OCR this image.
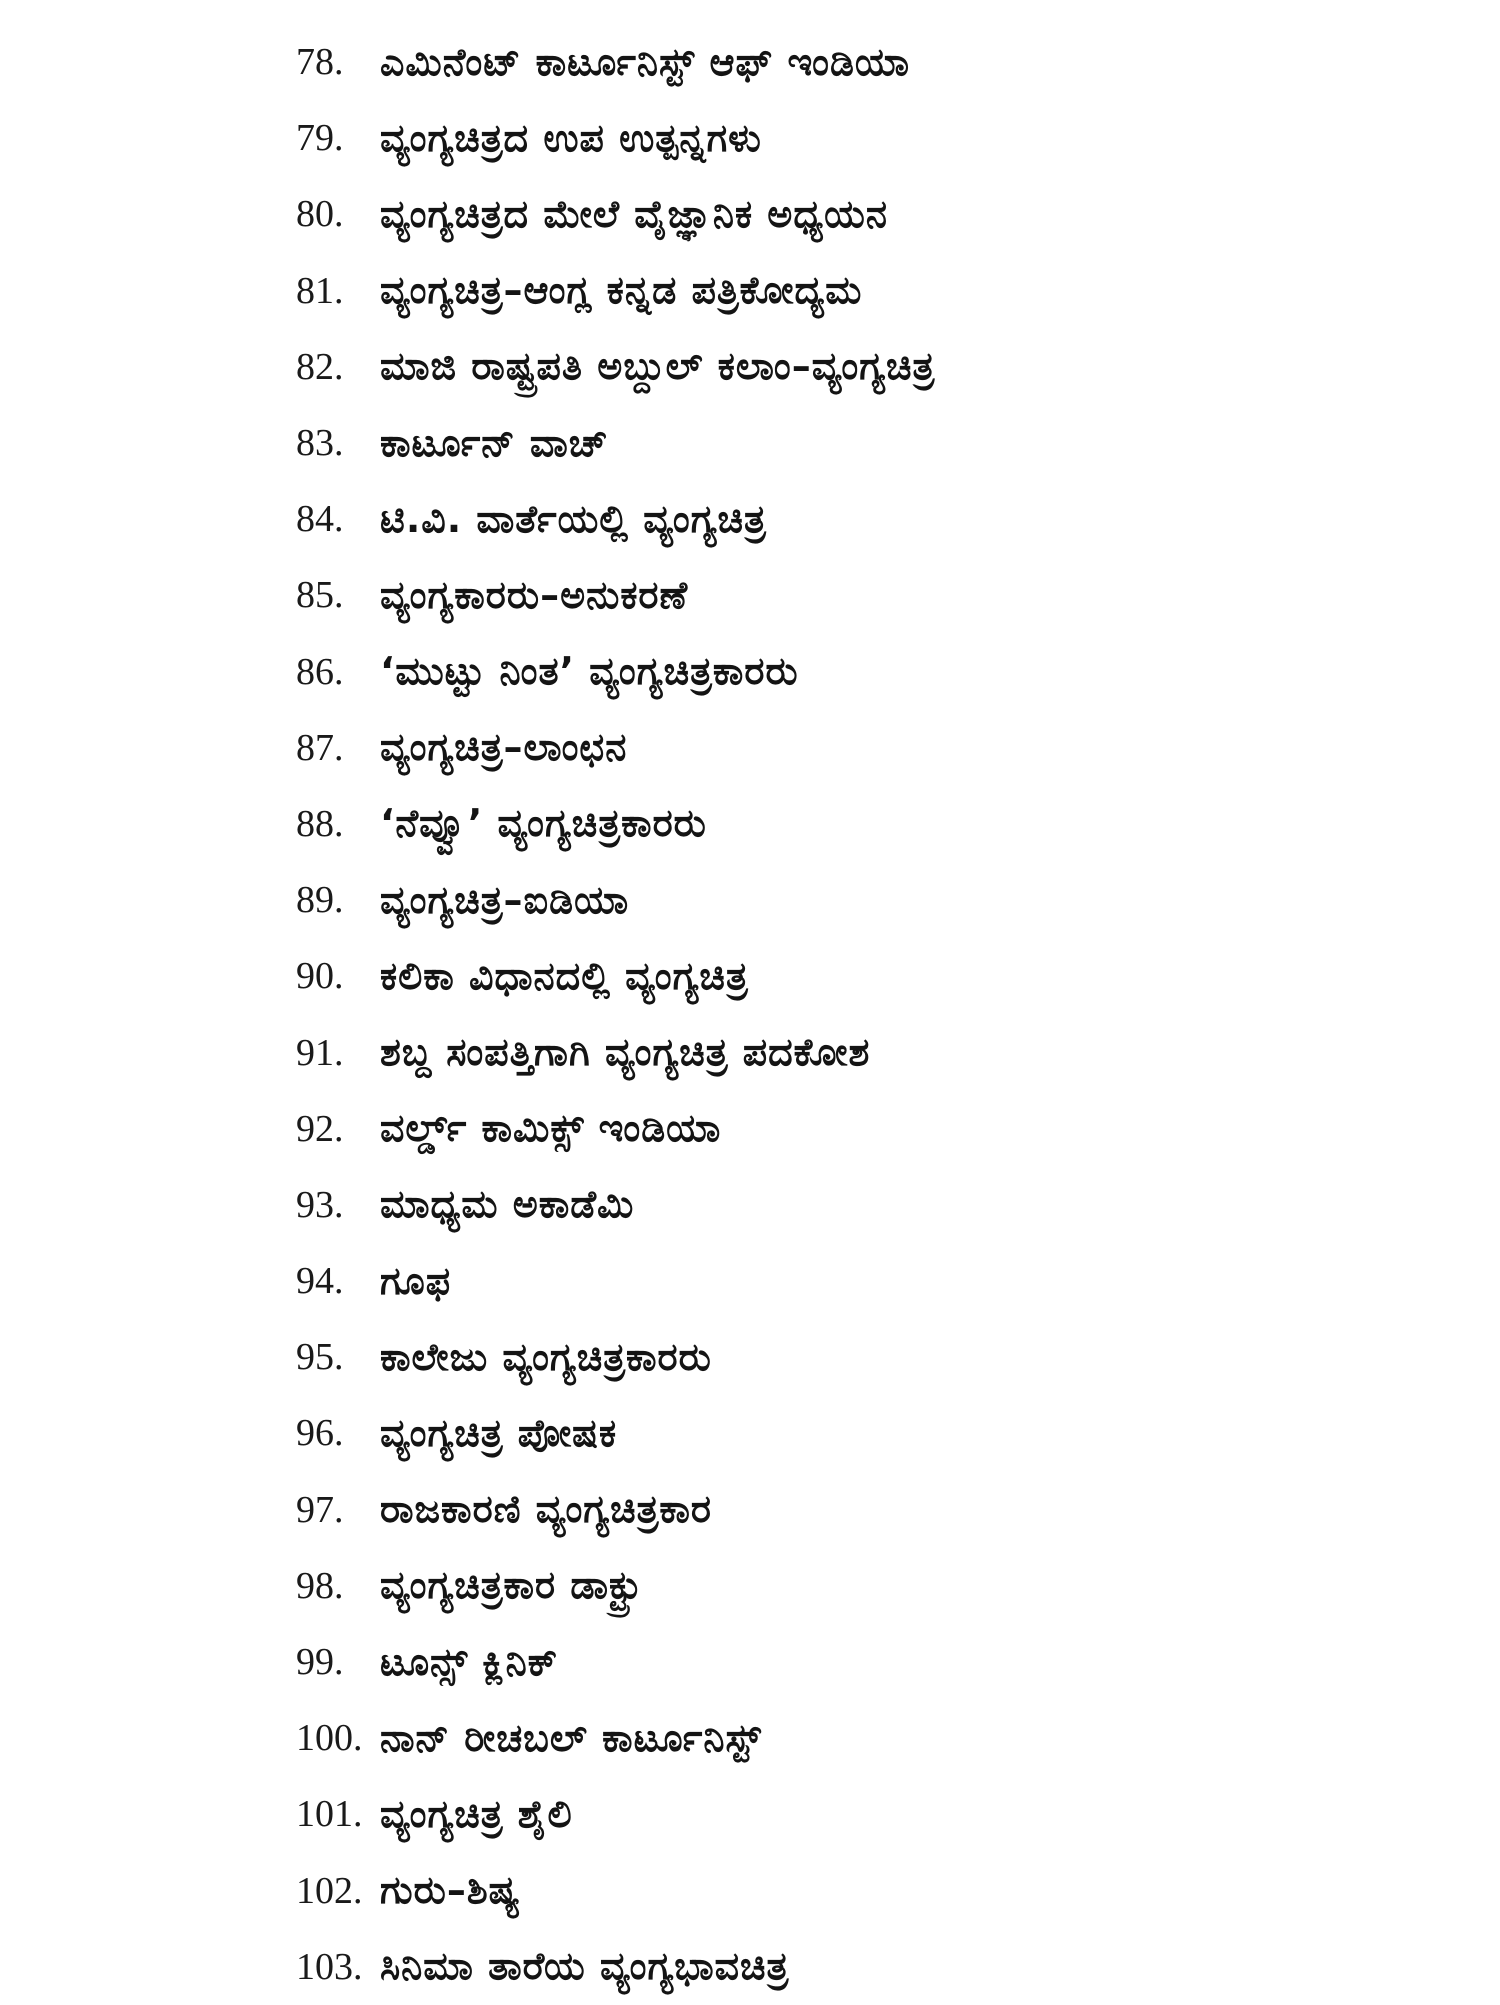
78. ಎಮಿನೆಂಟ್ ಕಾರ್ಟೂನಿಸ್ಟ್ ಆಫ್ ಇಂಡಿಯಾ
79. ವ್ಯಂಗ್ಯಚಿತ್ರದ ಉಪ ಉತ್ಪನ್ನಗಳು
80. ವ್ಯಂಗ್ಯಚಿತ್ರದ ಮೇಲೆ ವೈಜ್ಞಾನಿಕ ಅಧ್ಯಯನ
81. ವ್ಯಂಗ್ಯಚಿತ್ರ–ಆಂಗ್ಲ ಕನ್ನಡ ಪತ್ರಿಕೋದ್ಯಮ
82. ಮಾಜಿ ರಾಷ್ಟ್ರಪತಿ ಅಬ್ದುಲ್ ಕಲಾಂ–ವ್ಯಂಗ್ಯಚಿತ್ರ
83. ಕಾರ್ಟೂನ್ ವಾಚ್
84. ಟಿ.ವಿ. ವಾರ್ತೆಯಲ್ಲಿ ವ್ಯಂಗ್ಯಚಿತ್ರ
85. ವ್ಯಂಗ್ಯಕಾರರು–ಅನುಕರಣೆ
86. ‘ಮುಟ್ಟು ನಿಂತ’ ವ್ಯಂಗ್ಯಚಿತ್ರಕಾರರು
87. ವ್ಯಂಗ್ಯಚಿತ್ರ–ಲಾಂಛನ
88. ‘ನೆವ್ವೂ’ ವ್ಯಂಗ್ಯಚಿತ್ರಕಾರರು
89. ವ್ಯಂಗ್ಯಚಿತ್ರ–ಐಡಿಯಾ
90. ಕಲಿಕಾ ವಿಧಾನದಲ್ಲಿ ವ್ಯಂಗ್ಯಚಿತ್ರ
91. ಶಬ್ದ ಸಂಪತ್ತಿಗಾಗಿ ವ್ಯಂಗ್ಯಚಿತ್ರ ಪದಕೋಶ
92. ವರ್ಲ್ಡ್ ಕಾಮಿಕ್ಸ್ ಇಂಡಿಯಾ
93. ಮಾಧ್ಯಮ ಅಕಾಡೆಮಿ
94. ಗೂಫ
95. ಕಾಲೇಜು ವ್ಯಂಗ್ಯಚಿತ್ರಕಾರರು
96. ವ್ಯಂಗ್ಯಚಿತ್ರ ಪೋಷಕ
97. ರಾಜಕಾರಣಿ ವ್ಯಂಗ್ಯಚಿತ್ರಕಾರ
98. ವ್ಯಂಗ್ಯಚಿತ್ರಕಾರ ಡಾಕ್ಟ್ರು
99. ಟೂನ್ಸ್ ಕ್ಲಿನಿಕ್
100. ನಾನ್ ರೀಚಬಲ್ ಕಾರ್ಟೂನಿಸ್ಟ್
101. ವ್ಯಂಗ್ಯಚಿತ್ರ ಶೈಲಿ
102. ಗುರು–ಶಿಷ್ಯ
103. ಸಿನಿಮಾ ತಾರೆಯ ವ್ಯಂಗ್ಯಭಾವಚಿತ್ರ
